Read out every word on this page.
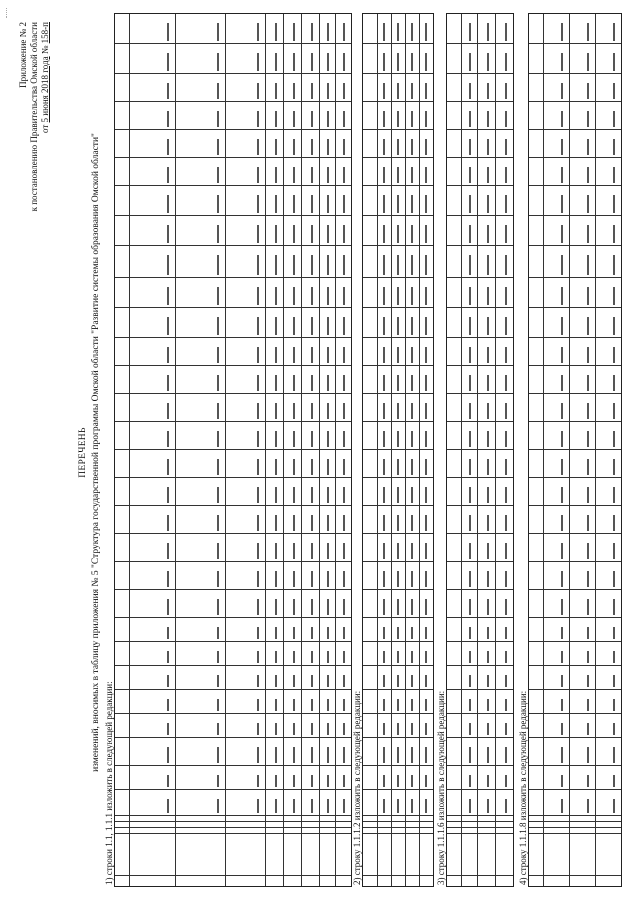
Приложение № 2 к постановлению Правительства Омской области от 5 июня 2018 года № 158-п
ПЕРЕЧЕНЬ изменений, вносимых в таблицу приложения № 5 "Структура государственной программы Омской области "Развитие системы образования Омской области"
1) строки 1.1, 1.1.1 изложить в следующей редакции:	2) строку 1.1.1.2 изложить в следующей редакции:	3) строку 1.1.1.6 изложить в следующей редакции:	4) строку 1.1.1.8 изложить в следующей редакции:
